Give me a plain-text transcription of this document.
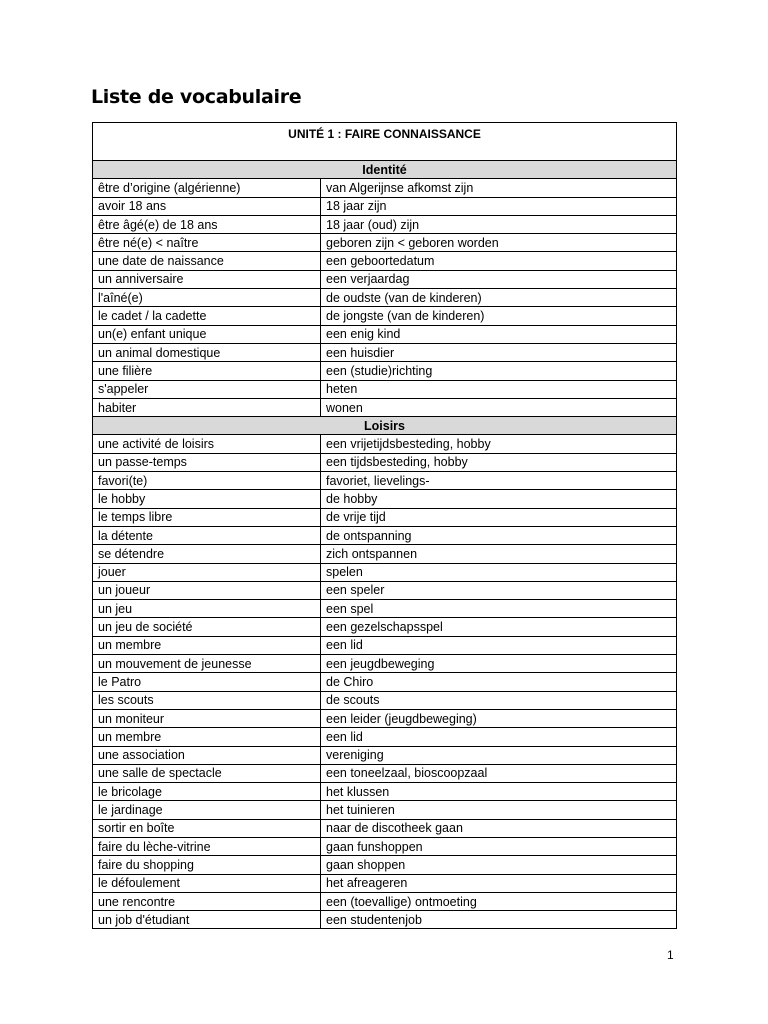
Liste de vocabulaire
UNITÉ 1 : FAIRE CONNAISSANCE	
Identité	
être d’origine (algérienne)	van Algerijnse afkomst zijn
avoir 18 ans	18 jaar zijn
être âgé(e) de 18 ans	18 jaar (oud) zijn
être né(e) < naître	geboren zijn < geboren worden
une date de naissance	een geboortedatum
un anniversaire	een verjaardag
l'aîné(e)	de oudste (van de kinderen)
le cadet / la cadette	de jongste (van de kinderen)
un(e) enfant unique	een enig kind
un animal domestique	een huisdier
une filière	een (studie)richting
s'appeler	heten
habiter	wonen
Loisirs	
une activité de loisirs	een vrijetijdsbesteding, hobby
un passe-temps	een tijdsbesteding, hobby
favori(te)	favoriet, lievelings-
le hobby	de hobby
le temps libre	de vrije tijd
la détente	de ontspanning
se détendre	zich ontspannen
jouer	spelen
un joueur	een speler
un jeu	een spel
un jeu de société	een gezelschapsspel
un membre	een lid
un mouvement de jeunesse	een jeugdbeweging
le Patro	de Chiro
les scouts	de scouts
un moniteur	een leider (jeugdbeweging)
un membre	een lid
une association	vereniging
une salle de spectacle	een toneelzaal, bioscoopzaal
le bricolage	het klussen
le jardinage	het tuinieren
sortir en boîte	naar de discotheek gaan
faire du lèche-vitrine	gaan funshoppen
faire du shopping	gaan shoppen
le défoulement	het afreageren
une rencontre	een (toevallige) ontmoeting
un job d'étudiant	een studentenjob
1
